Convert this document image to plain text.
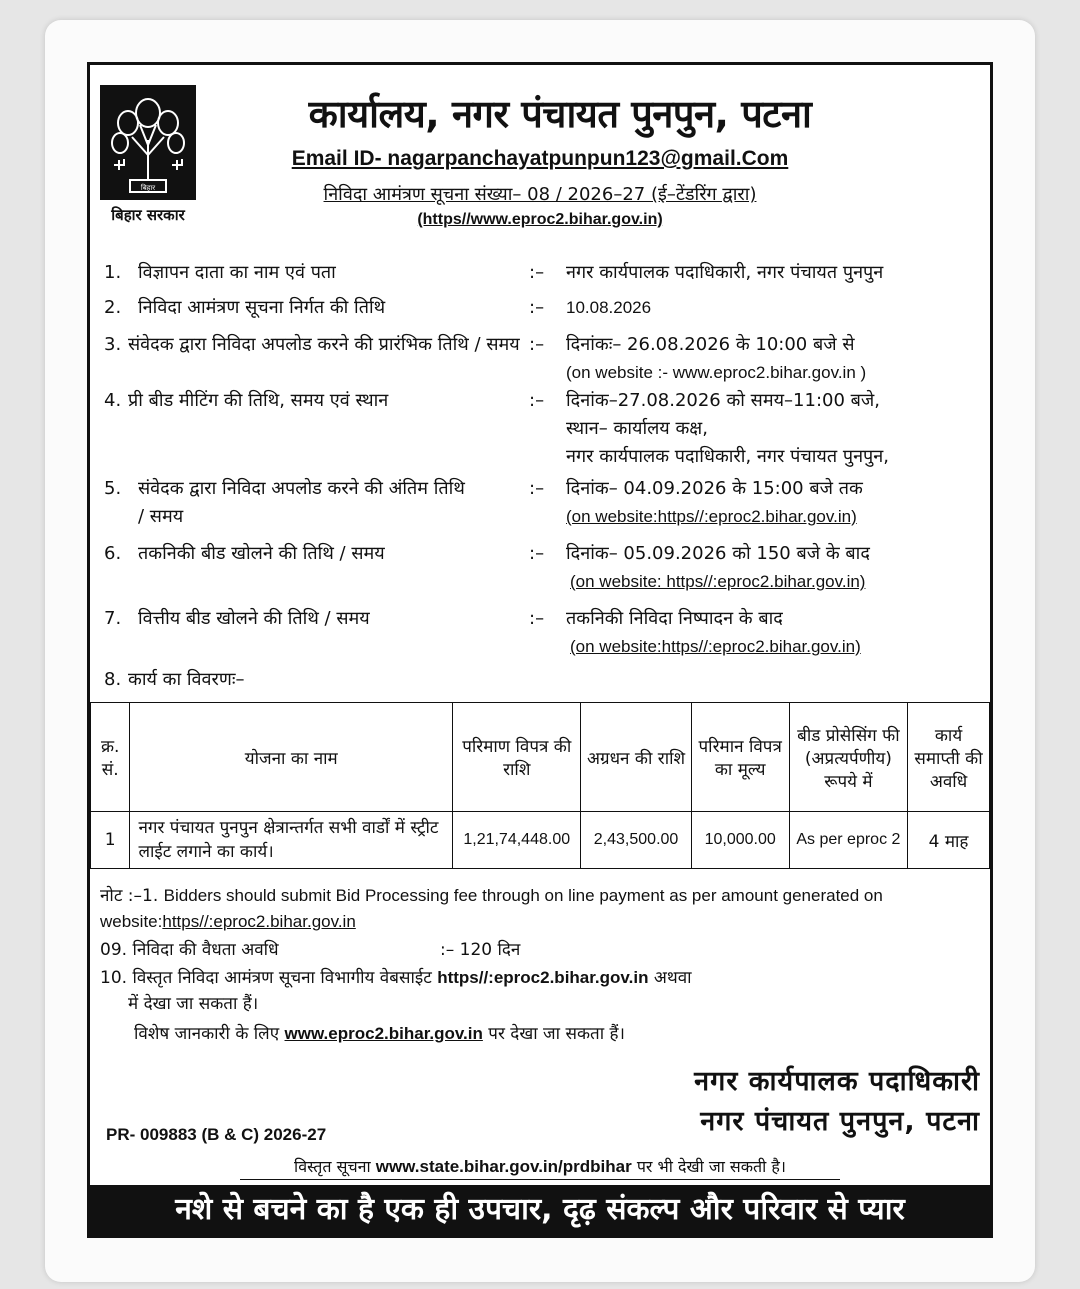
बिहार
बिहार सरकार
कार्यालय, नगर पंचायत पुनपुन, पटना
Email ID- nagarpanchayatpunpun123@gmail.Com
निविदा आमंत्रण सूचना संख्या– 08 / 2026–27 (ई–टेंडरिंग द्वारा)
(https//www.eproc2.bihar.gov.in)
1. विज्ञापन दाता का नाम एवं पता	:– नगर कार्यपालक पदाधिकारी, नगर पंचायत पुनपुन
2. निविदा आमंत्रण सूचना निर्गत की तिथि	:– 10.08.2026
3. संवेदक द्वारा निविदा अपलोड करने की प्रारंभिक तिथि / समय :– दिनांकः– 26.08.2026 के 10:00 बजे से
(on website :- www.eproc2.bihar.gov.in )
4. प्री बीड मीटिंग की तिथि, समय एवं स्थान	:– दिनांक–27.08.2026 को समय–11:00 बजे,
स्थान– कार्यालय कक्ष,
नगर कार्यपालक पदाधिकारी, नगर पंचायत पुनपुन,
5. संवेदक द्वारा निविदा अपलोड करने की अंतिम तिथि / समय
:– दिनांक– 04.09.2026 के 15:00 बजे तक
(on website:https//:eproc2.bihar.gov.in)
6. तकनिकी बीड खोलने की तिथि / समय	:– दिनांक– 05.09.2026 को 150 बजे के बाद
(on website: https//:eproc2.bihar.gov.in)
7. वित्तीय बीड खोलने की तिथि / समय	:– तकनिकी निविदा निष्पादन के बाद
(on website:https//:eproc2.bihar.gov.in)
8. कार्य का विवरणः–
क्र. सं.	योजना का नाम	परिमाण विपत्र की राशि	अग्रधन की राशि	परिमान विपत्र का मूल्य	बीड प्रोसेसिंग फी (अप्रत्यर्पणीय) रूपये में	कार्य समाप्ती की अवधि
1	नगर पंचायत पुनपुन क्षेत्रान्तर्गत सभी वार्डों में स्ट्रीट लाईट लगाने का कार्य।	1,21,74,448.00	2,43,500.00	10,000.00	As per eproc 2	4 माह
नोट :–1. Bidders should submit Bid Processing fee through on line payment as per amount generated on website:https//:eproc2.bihar.gov.in
09. निविदा की वैधता अवधि	:– 120 दिन
10. विस्तृत निविदा आमंत्रण सूचना विभागीय वेबसाईट https//:eproc2.bihar.gov.in अथवा
में देखा जा सकता हैं।
विशेष जानकारी के लिए www.eproc2.bihar.gov.in पर देखा जा सकता हैं।
नगर कार्यपालक पदाधिकारी
नगर पंचायत पुनपुन, पटना
PR- 009883 (B & C) 2026-27
विस्तृत सूचना www.state.bihar.gov.in/prdbihar पर भी देखी जा सकती है।
नशे से बचने का है एक ही उपचार, दृढ़ संकल्प और परिवार से प्यार
